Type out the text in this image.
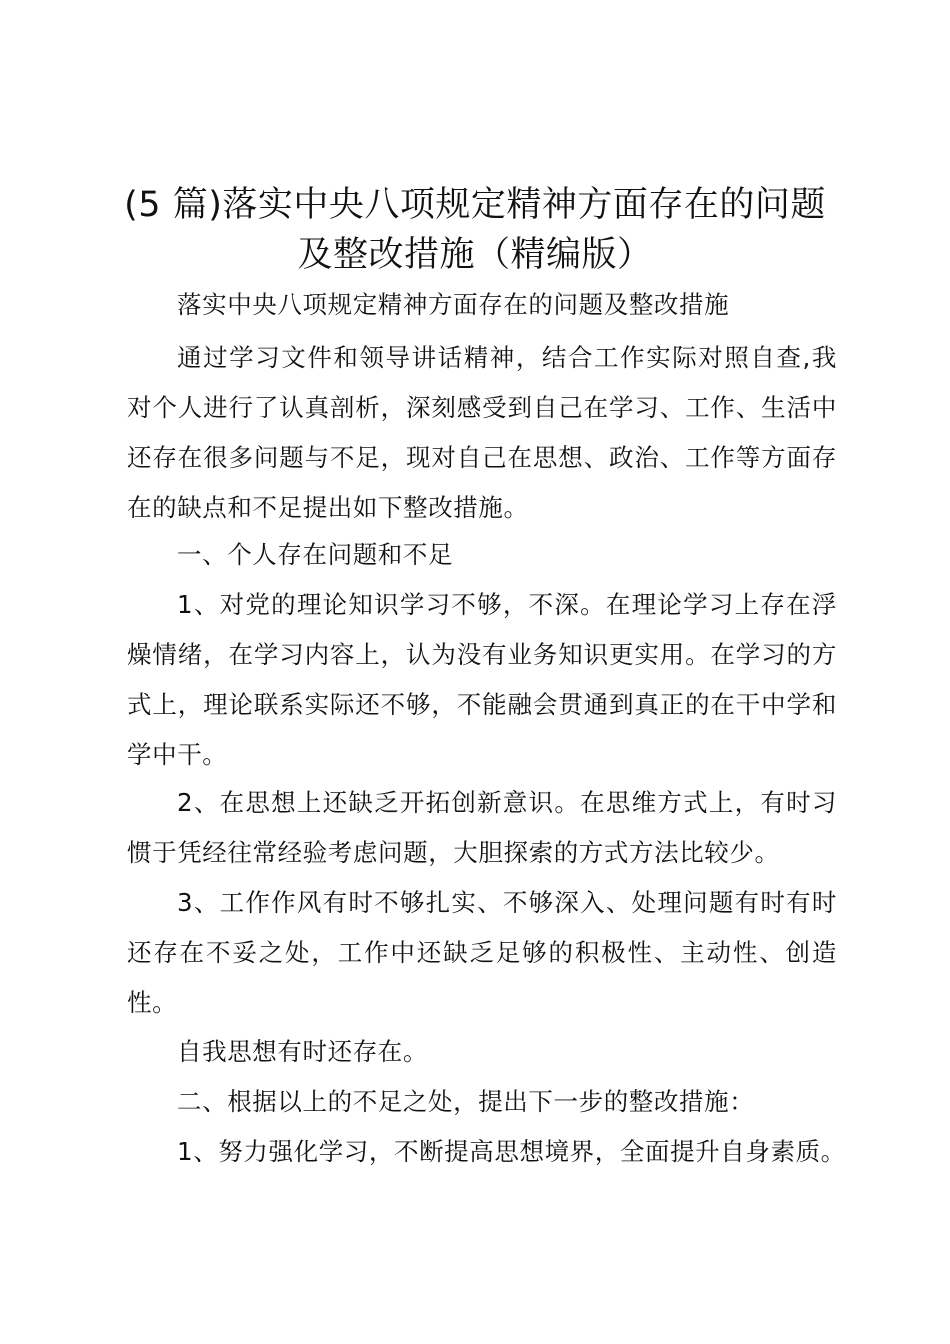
(5 篇)落实中央八项规定精神方面存在的问题
及整改措施（精编版）

落实中央八项规定精神方面存在的问题及整改措施

通过学习文件和领导讲话精神，结合工作实际对照自查,我对个人进行了认真剖析，深刻感受到自己在学习、工作、生活中还存在很多问题与不足，现对自己在思想、政治、工作等方面存在的缺点和不足提出如下整改措施。

一、个人存在问题和不足

1、对党的理论知识学习不够，不深。在理论学习上存在浮燥情绪，在学习内容上，认为没有业务知识更实用。在学习的方式上，理论联系实际还不够，不能融会贯通到真正的在干中学和学中干。

2、在思想上还缺乏开拓创新意识。在思维方式上，有时习惯于凭经往常经验考虑问题，大胆探索的方式方法比较少。

3、工作作风有时不够扎实、不够深入、处理问题有时有时还存在不妥之处，工作中还缺乏足够的积极性、主动性、创造性。

自我思想有时还存在。

二、根据以上的不足之处，提出下一步的整改措施：

1、努力强化学习，不断提高思想境界，全面提升自身素质。
